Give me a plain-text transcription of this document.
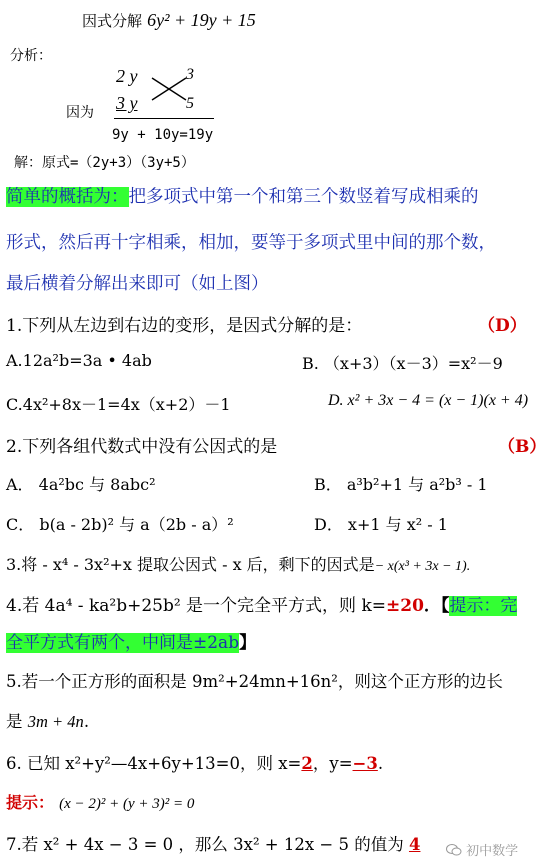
因式分解 6y² + 19y + 15
分析：
2 y	3
因为 3 y	5
9y + 10y=19y
解：原式=（2y+3）（3y+5）
简单的概括为：把多项式中第一个和第三个数竖着写成相乘的
形式，然后再十字相乘，相加，要等于多项式里中间的那个数，
最后横着分解出来即可（如上图）
1.下列从左边到右边的变形，是因式分解的是：	（D）
A.12a²b=3a • 4ab	B. （x+3）（x－3）=x²－9
C.4x²+8x－1=4x（x+2）－1	D. x² + 3x − 4 = (x − 1)(x + 4)
2.下列各组代数式中没有公因式的是	（B）
A． 4a²bc 与 8abc²	B． a³b²+1 与 a²b³ - 1
C． b(a - 2b)² 与 a（2b - a）²	D． x+1 与 x² - 1
3.将 - x⁴ - 3x²+x 提取公因式 - x 后，剩下的因式是− x(x³ + 3x − 1).
4.若 4a⁴ - ka²b+25b² 是一个完全平方式，则 k=±20．【提示：完
全平方式有两个，中间是±2ab】
5.若一个正方形的面积是 9m²+24mn+16n²，则这个正方形的边长
是 3m + 4n.
6. 已知 x²+y²—4x+6y+13=0，则 x=2，y=−3.
提示： (x − 2)² + (y + 3)² = 0
7.若 x² + 4x − 3 = 0 ，那么 3x² + 12x − 5 的值为 4	初中数学
